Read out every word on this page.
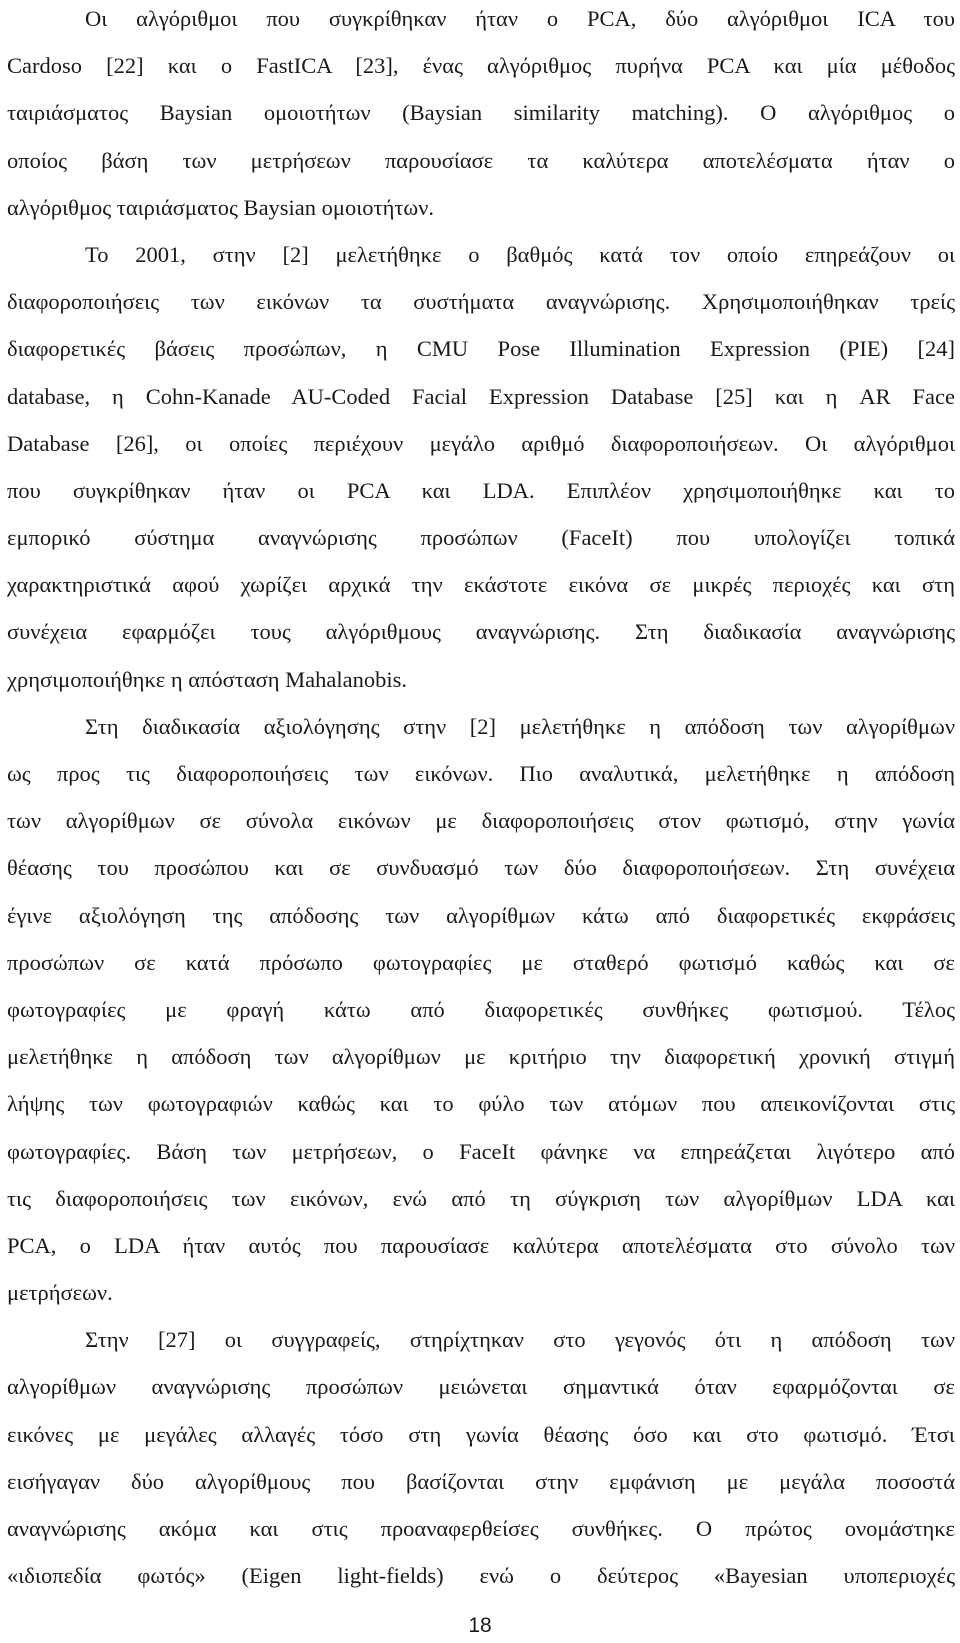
Οι αλγόριθμοι που συγκρίθηκαν ήταν ο PCA, δύο αλγόριθμοι ICA του
Cardoso [22] και ο FastICA [23], ένας αλγόριθμος πυρήνα PCA και μία μέθοδος
ταιριάσματος Baysian ομοιοτήτων (Baysian similarity matching). Ο αλγόριθμος ο
οποίος βάση των μετρήσεων παρουσίασε τα καλύτερα αποτελέσματα ήταν ο
αλγόριθμος ταιριάσματος Baysian ομοιοτήτων.
Το 2001, στην [2] μελετήθηκε ο βαθμός κατά τον οποίο επηρεάζουν οι
διαφοροποιήσεις των εικόνων τα συστήματα αναγνώρισης. Χρησιμοποιήθηκαν τρείς
διαφορετικές βάσεις προσώπων, η CMU Pose Illumination Expression (PIE) [24]
database, η Cohn-Kanade AU-Coded Facial Expression Database [25] και η AR Face
Database [26], οι οποίες περιέχουν μεγάλο αριθμό διαφοροποιήσεων. Οι αλγόριθμοι
που συγκρίθηκαν ήταν οι PCA και LDA. Επιπλέον χρησιμοποιήθηκε και το
εμπορικό σύστημα αναγνώρισης προσώπων (FaceIt) που υπολογίζει τοπικά
χαρακτηριστικά αφού χωρίζει αρχικά την εκάστοτε εικόνα σε μικρές περιοχές και στη
συνέχεια εφαρμόζει τους αλγόριθμους αναγνώρισης. Στη διαδικασία αναγνώρισης
χρησιμοποιήθηκε η απόσταση Mahalanobis.
Στη διαδικασία αξιολόγησης στην [2] μελετήθηκε η απόδοση των αλγορίθμων
ως προς τις διαφοροποιήσεις των εικόνων. Πιο αναλυτικά, μελετήθηκε η απόδοση
των αλγορίθμων σε σύνολα εικόνων με διαφοροποιήσεις στον φωτισμό, στην γωνία
θέασης του προσώπου και σε συνδυασμό των δύο διαφοροποιήσεων. Στη συνέχεια
έγινε αξιολόγηση της απόδοσης των αλγορίθμων κάτω από διαφορετικές εκφράσεις
προσώπων σε κατά πρόσωπο φωτογραφίες με σταθερό φωτισμό καθώς και σε
φωτογραφίες με φραγή κάτω από διαφορετικές συνθήκες φωτισμού. Τέλος
μελετήθηκε η απόδοση των αλγορίθμων με κριτήριο την διαφορετική χρονική στιγμή
λήψης των φωτογραφιών καθώς και το φύλο των ατόμων που απεικονίζονται στις
φωτογραφίες. Βάση των μετρήσεων, ο FaceIt φάνηκε να επηρεάζεται λιγότερο από
τις διαφοροποιήσεις των εικόνων, ενώ από τη σύγκριση των αλγορίθμων LDA και
PCA, ο LDA ήταν αυτός που παρουσίασε καλύτερα αποτελέσματα στο σύνολο των
μετρήσεων.
Στην [27] οι συγγραφείς, στηρίχτηκαν στο γεγονός ότι η απόδοση των
αλγορίθμων αναγνώρισης προσώπων μειώνεται σημαντικά όταν εφαρμόζονται σε
εικόνες με μεγάλες αλλαγές τόσο στη γωνία θέασης όσο και στο φωτισμό. Έτσι
εισήγαγαν δύο αλγορίθμους που βασίζονται στην εμφάνιση με μεγάλα ποσοστά
αναγνώρισης ακόμα και στις προαναφερθείσες συνθήκες. Ο πρώτος ονομάστηκε
«ιδιοπεδία φωτός» (Eigen light-fields) ενώ ο δεύτερος «Bayesian υποπεριοχές
18
